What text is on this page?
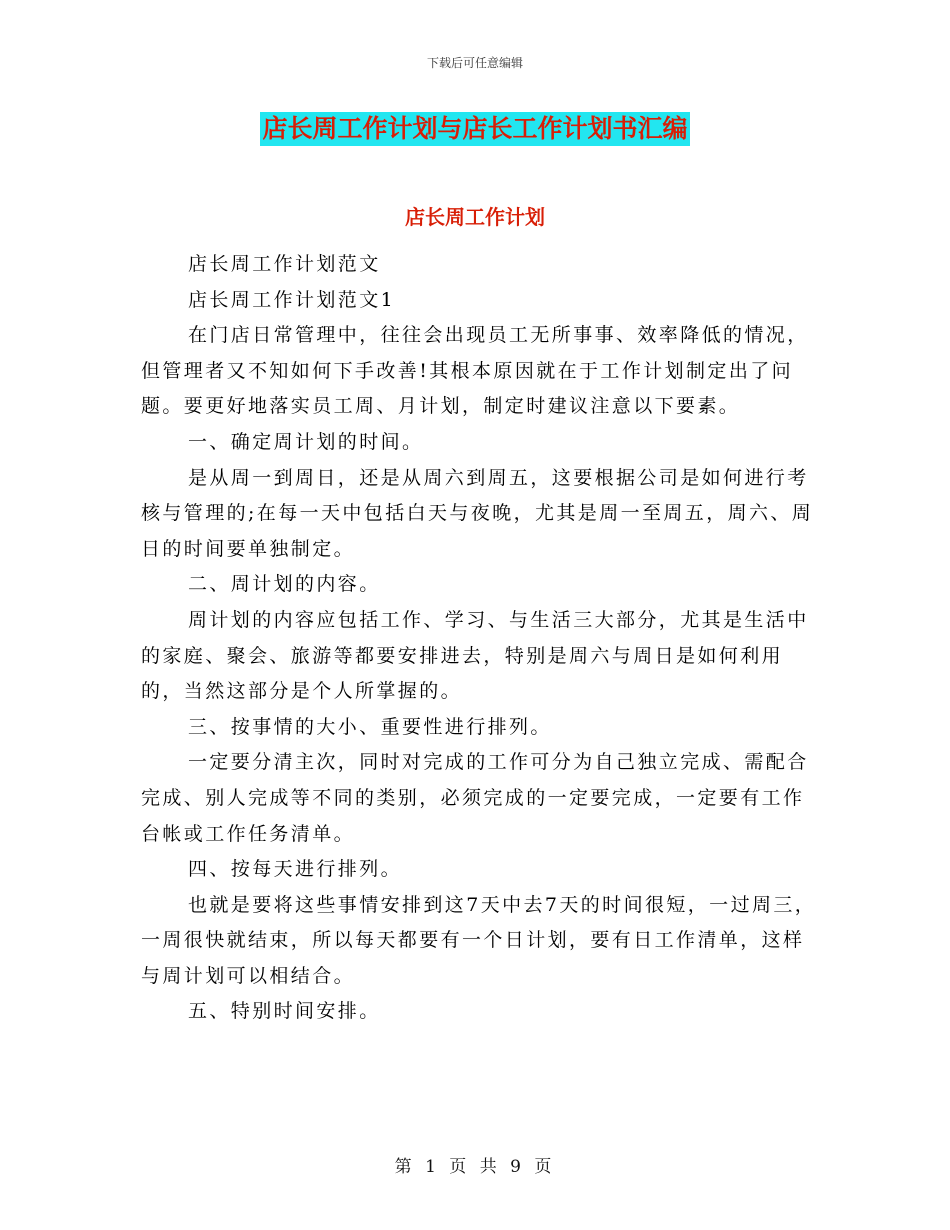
下载后可任意编辑
店长周工作计划与店长工作计划书汇编
店长周工作计划

店长周工作计划范文

店长周工作计划范文1

在门店日常管理中，往往会出现员工无所事事、效率降低的情况，但管理者又不知如何下手改善!其根本原因就在于工作计划制定出了问题。要更好地落实员工周、月计划，制定时建议注意以下要素。

一、确定周计划的时间。

是从周一到周日，还是从周六到周五，这要根据公司是如何进行考核与管理的;在每一天中包括白天与夜晚，尤其是周一至周五，周六、周日的时间要单独制定。

二、周计划的内容。

周计划的内容应包括工作、学习、与生活三大部分，尤其是生活中的家庭、聚会、旅游等都要安排进去，特别是周六与周日是如何利用的，当然这部分是个人所掌握的。

三、按事情的大小、重要性进行排列。

一定要分清主次，同时对完成的工作可分为自己独立完成、需配合完成、别人完成等不同的类别，必须完成的一定要完成，一定要有工作台帐或工作任务清单。

四、按每天进行排列。

也就是要将这些事情安排到这7天中去7天的时间很短，一过周三，一周很快就结束，所以每天都要有一个日计划，要有日工作清单，这样与周计划可以相结合。

五、特别时间安排。

第 1 页 共 9 页
